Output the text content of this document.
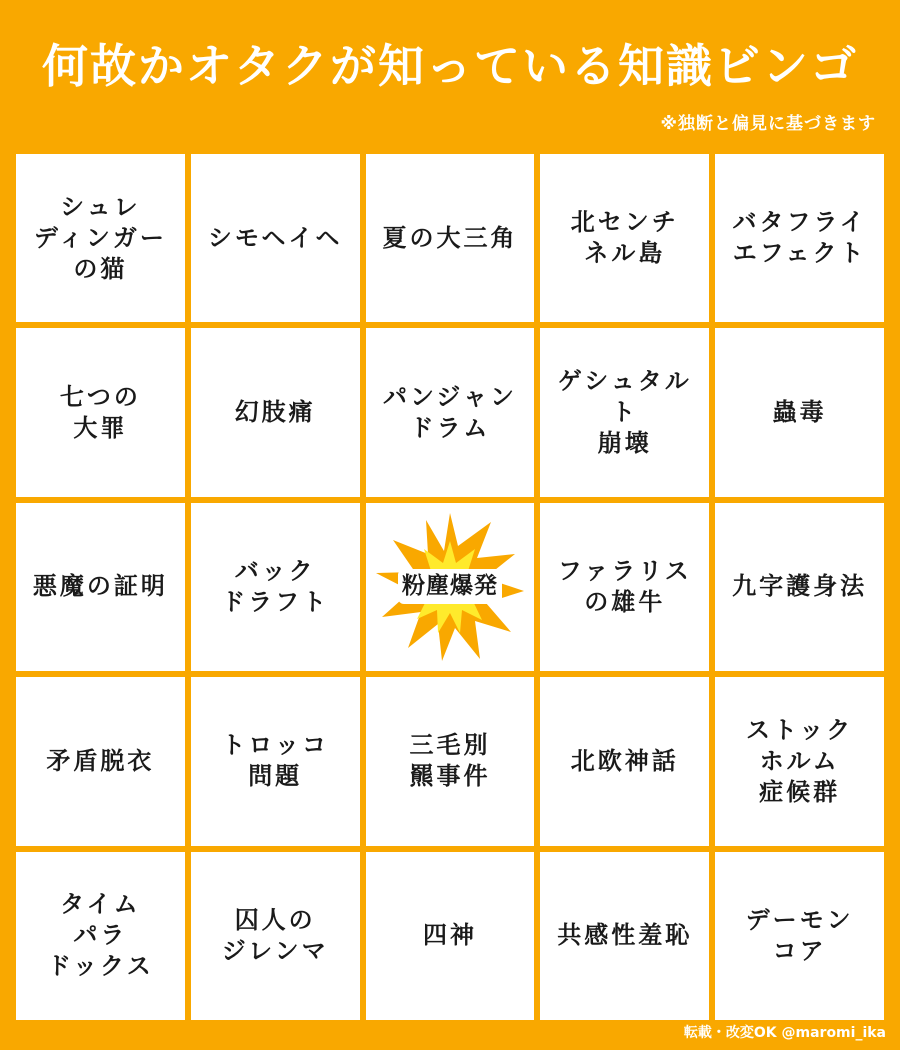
何故かオタクが知っている知識ビンゴ
※独断と偏見に基づきます
シュレ
ディンガー
の猫
シモヘイヘ 夏の大三角
北センチ
ネル島
バタフライ
エフェクト
七つの
大罪
幻肢痛
パンジャン
ドラム
ゲシュタルト
崩壊
蟲毒
悪魔の証明
バック
ドラフト
粉塵爆発
ファラリス
の雄牛
九字護身法
矛盾脱衣
トロッコ
問題
三毛別
羆事件
北欧神話
ストック
ホルム
症候群
タイム
パラ
ドックス
囚人の
ジレンマ
四神	共感性羞恥
デーモン
コア
転載・改変OK @maromi_ika
